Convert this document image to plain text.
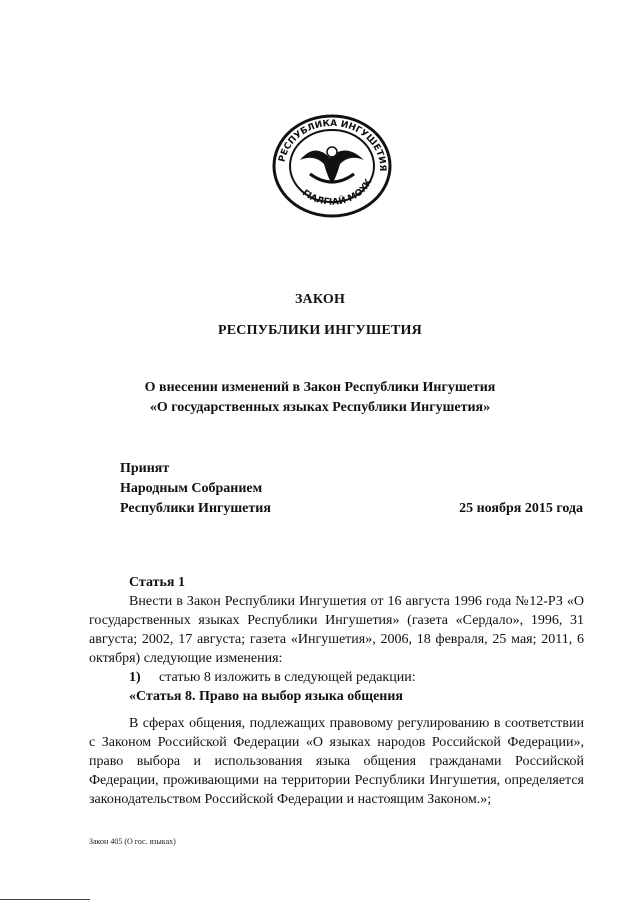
РЕСПУБЛИКА ИНГУШЕТИЯ
ГIАЛГIАЙ МОХК
ЗАКОН
РЕСПУБЛИКИ ИНГУШЕТИЯ
О внесении изменений в Закон Республики Ингушетия
«О государственных языках Республики Ингушетия»
Принят
Народным Собранием
Республики Ингушетия	25 ноября 2015 года

Статья 1

Внести в Закон Республики Ингушетия от 16 августа 1996 года №12-РЗ «О государственных языках Республики Ингушетия» (газета «Сердало», 1996, 31 августа; 2002, 17 августа; газета «Ингушетия», 2006, 18 февраля, 25 мая; 2011, 6 октября) следующие изменения:

1) статью 8 изложить в следующей редакции:

«Статья 8. Право на выбор языка общения

В сферах общения, подлежащих правовому регулированию в соответствии с Законом Российской Федерации «О языках народов Российской Федерации», право выбора и использования языка общения гражданами Российской Федерации, проживающими на территории Республики Ингушетия, определяется законодательством Российской Федерации и настоящим Законом.»;

Закон 405 (О гос. языках)
